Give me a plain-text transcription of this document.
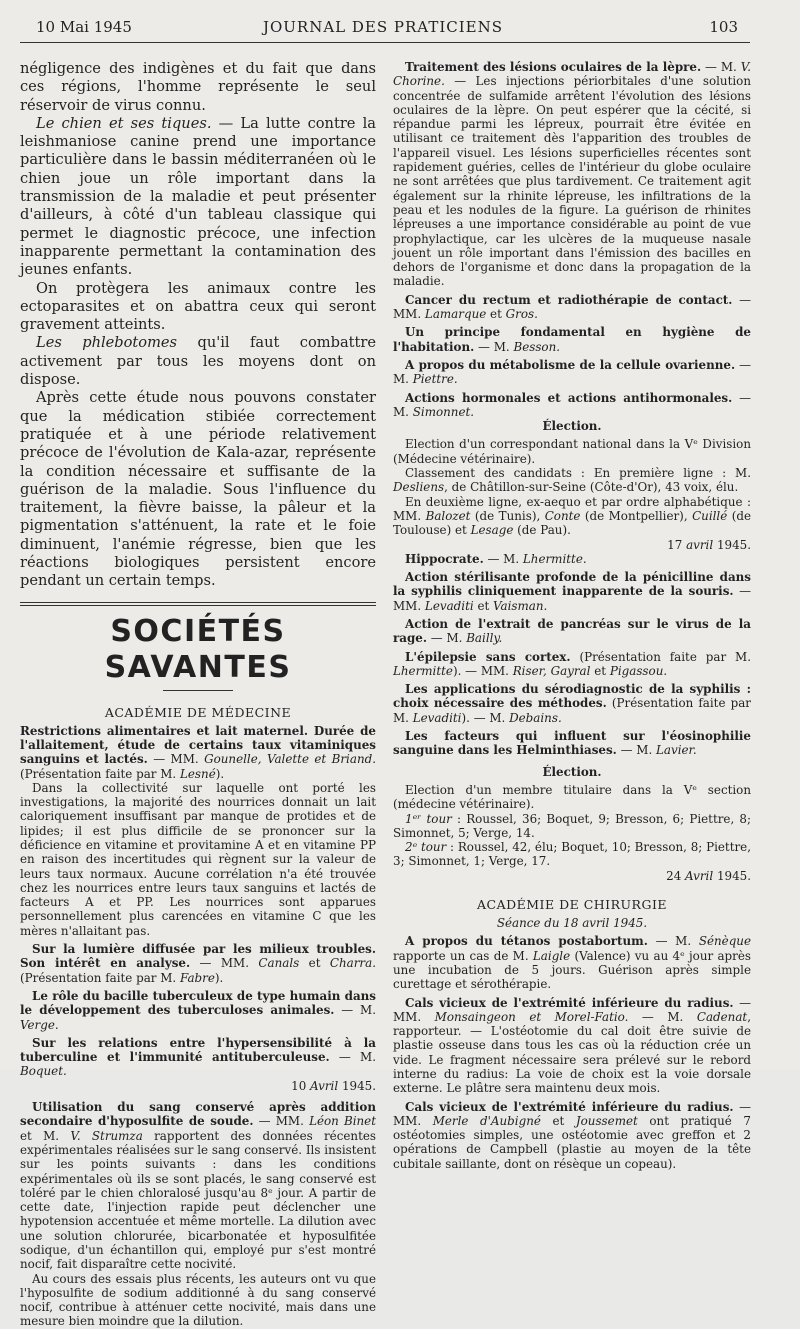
10 Mai 1945	JOURNAL DES PRATICIENS	103

négligence des indigènes et du fait que dans ces régions, l'homme représente le seul réservoir de virus connu.

Le chien et ses tiques. — La lutte contre la leishmaniose canine prend une importance particulière dans le bassin méditerranéen où le chien joue un rôle important dans la transmission de la maladie et peut présenter d'ailleurs, à côté d'un tableau classique qui permet le diagnostic précoce, une infection inapparente permettant la contamination des jeunes enfants.

On protègera les animaux contre les ectoparasites et on abattra ceux qui seront gravement atteints.

Les phlebotomes qu'il faut combattre activement par tous les moyens dont on dispose.

Après cette étude nous pouvons constater que la médication stibiée correctement pratiquée et à une période relativement précoce de l'évolution de Kala-azar, représente la condition nécessaire et suffisante de la guérison de la maladie. Sous l'influence du traitement, la fièvre baisse, la pâleur et la pigmentation s'atténuent, la rate et le foie diminuent, l'anémie régresse, bien que les réactions biologiques persistent encore pendant un certain temps.

SOCIÉTÉS SAVANTES
ACADÉMIE DE MÉDECINE

Restrictions alimentaires et lait maternel. Durée de l'allaitement, étude de certains taux vitaminiques sanguins et lactés. — MM. Gounelle, Valette et Briand. (Présentation faite par M. Lesné).

Dans la collectivité sur laquelle ont porté les investigations, la majorité des nourrices donnait un lait caloriquement insuffisant par manque de protides et de lipides; il est plus difficile de se prononcer sur la déficience en vitamine et provitamine A et en vitamine PP en raison des incertitudes qui règnent sur la valeur de leurs taux normaux. Aucune corrélation n'a été trouvée chez les nourrices entre leurs taux sanguins et lactés de facteurs A et PP. Les nourrices sont apparues personnellement plus carencées en vitamine C que les mères n'allaitant pas.

Sur la lumière diffusée par les milieux troubles. Son intérêt en analyse. — MM. Canals et Charra. (Présentation faite par M. Fabre).

Le rôle du bacille tuberculeux de type humain dans le développement des tuberculoses animales. — M. Verge.

Sur les relations entre l'hypersensibilité à la tuberculine et l'immunité antituberculeuse. — M. Boquet.

10 Avril 1945.

Utilisation du sang conservé après addition secondaire d'hyposulfite de soude. — MM. Léon Binet et M. V. Strumza rapportent des données récentes expérimentales réalisées sur le sang conservé. Ils insistent sur les points suivants : dans les conditions expérimentales où ils se sont placés, le sang conservé est toléré par le chien chloralosé jusqu'au 8ᵉ jour. A partir de cette date, l'injection rapide peut déclencher une hypotension accentuée et même mortelle. La dilution avec une solution chlorurée, bicarbonatée et hyposulfitée sodique, d'un échantillon qui, employé pur s'est montré nocif, fait disparaître cette nocivité.

Au cours des essais plus récents, les auteurs ont vu que l'hyposulfite de sodium additionné à du sang conservé nocif, contribue à atténuer cette nocivité, mais dans une mesure bien moindre que la dilution.

Traitement des lésions oculaires de la lèpre. — M. V. Chorine. — Les injections périorbitales d'une solution concentrée de sulfamide arrêtent l'évolution des lésions oculaires de la lèpre. On peut espérer que la cécité, si répandue parmi les lépreux, pourrait être évitée en utilisant ce traitement dès l'apparition des troubles de l'appareil visuel. Les lésions superficielles récentes sont rapidement guéries, celles de l'intérieur du globe oculaire ne sont arrêtées que plus tardivement. Ce traitement agit également sur la rhinite lépreuse, les infiltrations de la peau et les nodules de la figure. La guérison de rhinites lépreuses a une importance considérable au point de vue prophylactique, car les ulcères de la muqueuse nasale jouent un rôle important dans l'émission des bacilles en dehors de l'organisme et donc dans la propagation de la maladie.

Cancer du rectum et radiothérapie de contact. — MM. Lamarque et Gros.

Un principe fondamental en hygiène de l'habitation. — M. Besson.

A propos du métabolisme de la cellule ovarienne. — M. Piettre.

Actions hormonales et actions antihormonales. — M. Simonnet.

Élection.

Election d'un correspondant national dans la Vᵉ Division (Médecine vétérinaire).

Classement des candidats : En première ligne : M. Desliens, de Châtillon-sur-Seine (Côte-d'Or), 43 voix, élu.

En deuxième ligne, ex-aequo et par ordre alphabétique : MM. Balozet (de Tunis), Conte (de Montpellier), Cuillé (de Toulouse) et Lesage (de Pau).

17 avril 1945.

Hippocrate. — M. Lhermitte.

Action stérilisante profonde de la pénicilline dans la syphilis cliniquement inapparente de la souris. — MM. Levaditi et Vaisman.

Action de l'extrait de pancréas sur le virus de la rage. — M. Bailly.

L'épilepsie sans cortex. (Présentation faite par M. Lhermitte). — MM. Riser, Gayral et Pigassou.

Les applications du sérodiagnostic de la syphilis : choix nécessaire des méthodes. (Présentation faite par M. Levaditi). — M. Debains.

Les facteurs qui influent sur l'éosinophilie sanguine dans les Helminthiases. — M. Lavier.

Élection.

Election d'un membre titulaire dans la Vᵉ section (médecine vétérinaire).

1ᵉʳ tour : Roussel, 36; Boquet, 9; Bresson, 6; Piettre, 8; Simonnet, 5; Verge, 14.

2ᵉ tour : Roussel, 42, élu; Boquet, 10; Bresson, 8; Piettre, 3; Simonnet, 1; Verge, 17.

24 Avril 1945.

ACADÉMIE DE CHIRURGIE

Séance du 18 avril 1945.

A propos du tétanos postabortum. — M. Sénèque rapporte un cas de M. Laigle (Valence) vu au 4ᵉ jour après une incubation de 5 jours. Guérison après simple curettage et sérothérapie.

Cals vicieux de l'extrémité inférieure du radius. — MM. Monsaingeon et Morel-Fatio. — M. Cadenat, rapporteur. — L'ostéotomie du cal doit être suivie de plastie osseuse dans tous les cas où la réduction crée un vide. Le fragment nécessaire sera prélevé sur le rebord interne du radius: La voie de choix est la voie dorsale externe. Le plâtre sera maintenu deux mois.

Cals vicieux de l'extrémité inférieure du radius. — MM. Merle d'Aubigné et Joussemet ont pratiqué 7 ostéotomies simples, une ostéotomie avec greffon et 2 opérations de Campbell (plastie au moyen de la tête cubitale saillante, dont on résèque un copeau).
